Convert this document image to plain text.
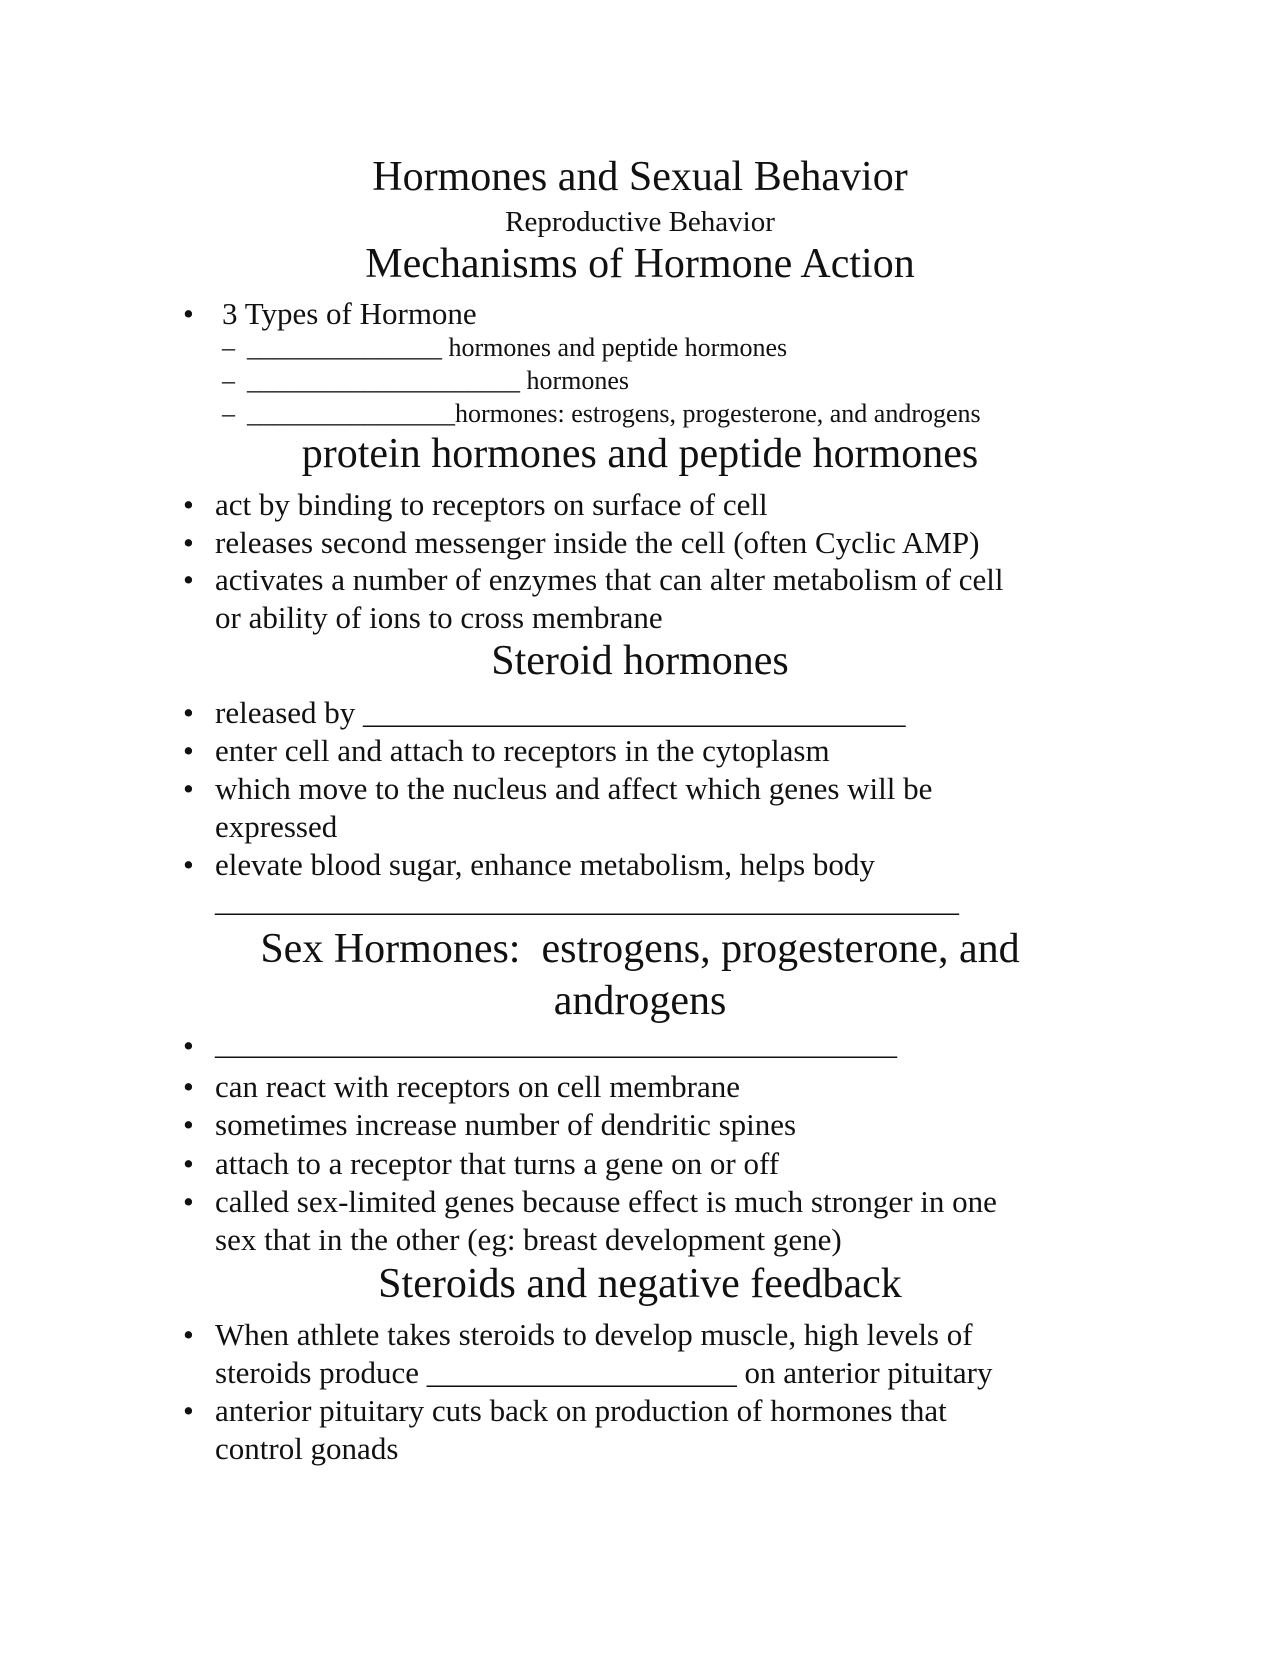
Hormones and Sexual Behavior
Reproductive Behavior
Mechanisms of Hormone Action
• 3 Types of Hormone
– _______________ hormones and peptide hormones
– _____________________ hormones
– ________________hormones: estrogens, progesterone, and androgens
protein hormones and peptide hormones
• act by binding to receptors on surface of cell
• releases second messenger inside the cell (often Cyclic AMP)
• activates a number of enzymes that can alter metabolism of cell
or ability of ions to cross membrane
Steroid hormones
• released by ___________________________________
• enter cell and attach to receptors in the cytoplasm
• which move to the nucleus and affect which genes will be
expressed
• elevate blood sugar, enhance metabolism, helps body
________________________________________________
Sex Hormones:  estrogens, progesterone, and
androgens
• ____________________________________________
• can react with receptors on cell membrane
• sometimes increase number of dendritic spines
• attach to a receptor that turns a gene on or off
• called sex-limited genes because effect is much stronger in one
sex that in the other (eg: breast development gene)
Steroids and negative feedback
• When athlete takes steroids to develop muscle, high levels of
steroids produce ____________________ on anterior pituitary
• anterior pituitary cuts back on production of hormones that
control gonads
